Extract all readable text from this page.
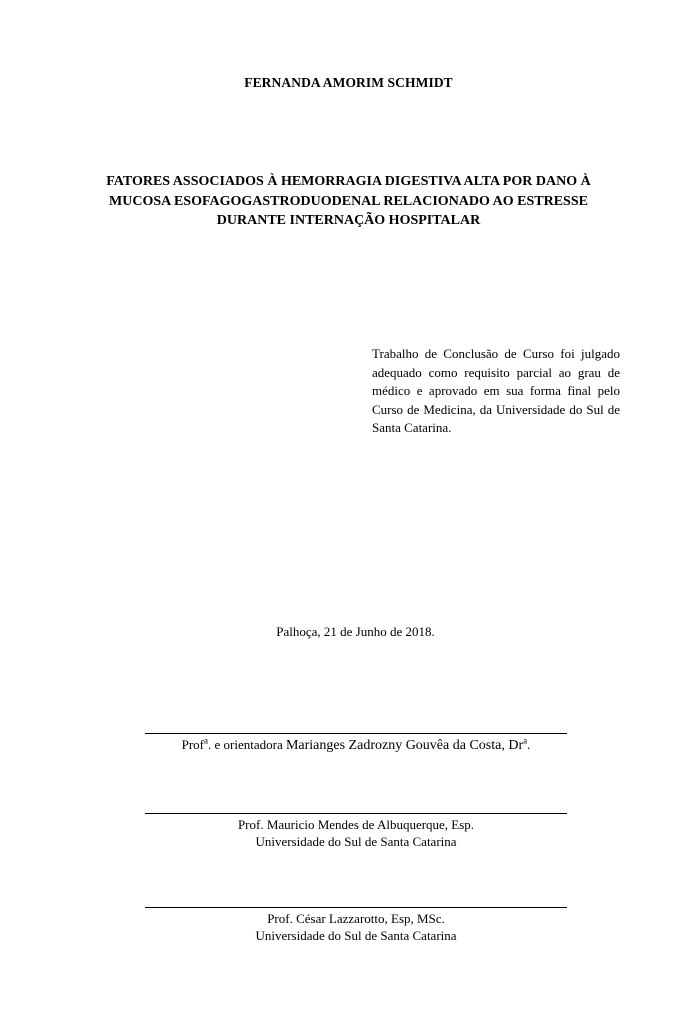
FERNANDA AMORIM SCHMIDT
FATORES ASSOCIADOS À HEMORRAGIA DIGESTIVA ALTA POR DANO À
MUCOSA ESOFAGOGASTRODUODENAL RELACIONADO AO ESTRESSE
DURANTE INTERNAÇÃO HOSPITALAR
Trabalho de Conclusão de Curso foi julgado adequado como requisito parcial ao grau de médico e aprovado em sua forma final pelo Curso de Medicina, da Universidade do Sul de Santa Catarina.
Palhoça, 21 de Junho de 2018.
Prof$^a$. e orientadora Marianges Zadrozny Gouvêa da Costa, Dr$^a$.
Prof. Mauricio Mendes de Albuquerque, Esp.
Universidade do Sul de Santa Catarina
Prof. César Lazzarotto, Esp, MSc.
Universidade do Sul de Santa Catarina
